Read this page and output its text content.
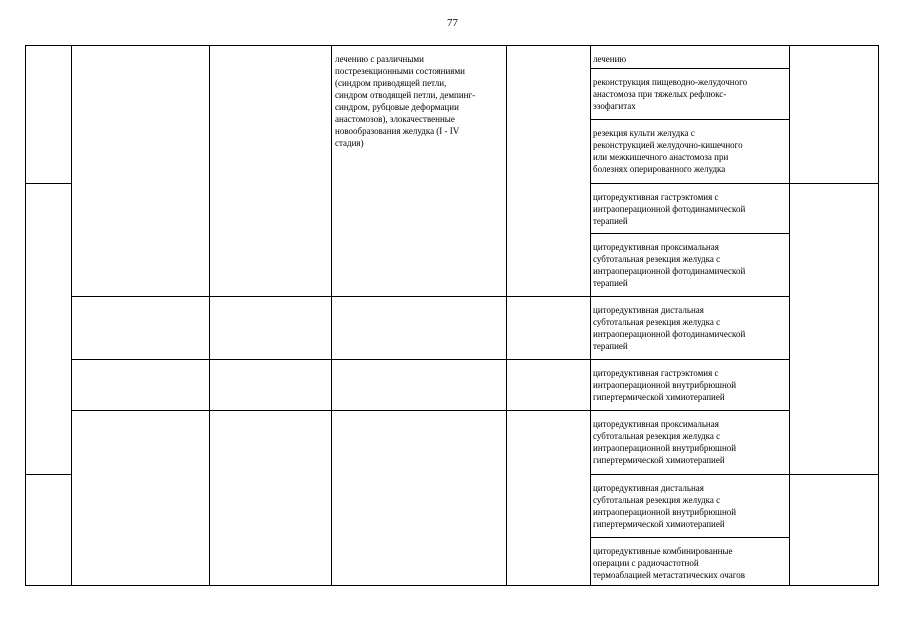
77
лечению с различными
пострезекционными состояниями
(синдром приводящей петли,
синдром отводящей петли, демпинг-
синдром, рубцовые деформации
анастомозов), злокачественные
новообразования желудка (I - IV
стадия)
лечению
реконструкция пищеводно-желудочного
анастомоза при тяжелых рефлюкс-
эзофагитах
резекция культи желудка с
реконструкцией желудочно-кишечного
или межкишечного анастомоза при
болезнях оперированного желудка
циторедуктивная гастрэктомия с
интраоперационной фотодинамической
терапией
циторедуктивная проксимальная
субтотальная резекция желудка с
интраоперационной фотодинамической
терапией
циторедуктивная дистальная
субтотальная резекция желудка с
интраоперационной фотодинамической
терапией
циторедуктивная гастрэктомия с
интраоперационной внутрибрюшной
гипертермической химиотерапией
циторедуктивная проксимальная
субтотальная резекция желудка с
интраоперационной внутрибрюшной
гипертермической химиотерапией
циторедуктивная дистальная
субтотальная резекция желудка с
интраоперационной внутрибрюшной
гипертермической химиотерапией
циторедуктивные комбинированные
операции с радиочастотной
термоаблацией метастатических очагов
